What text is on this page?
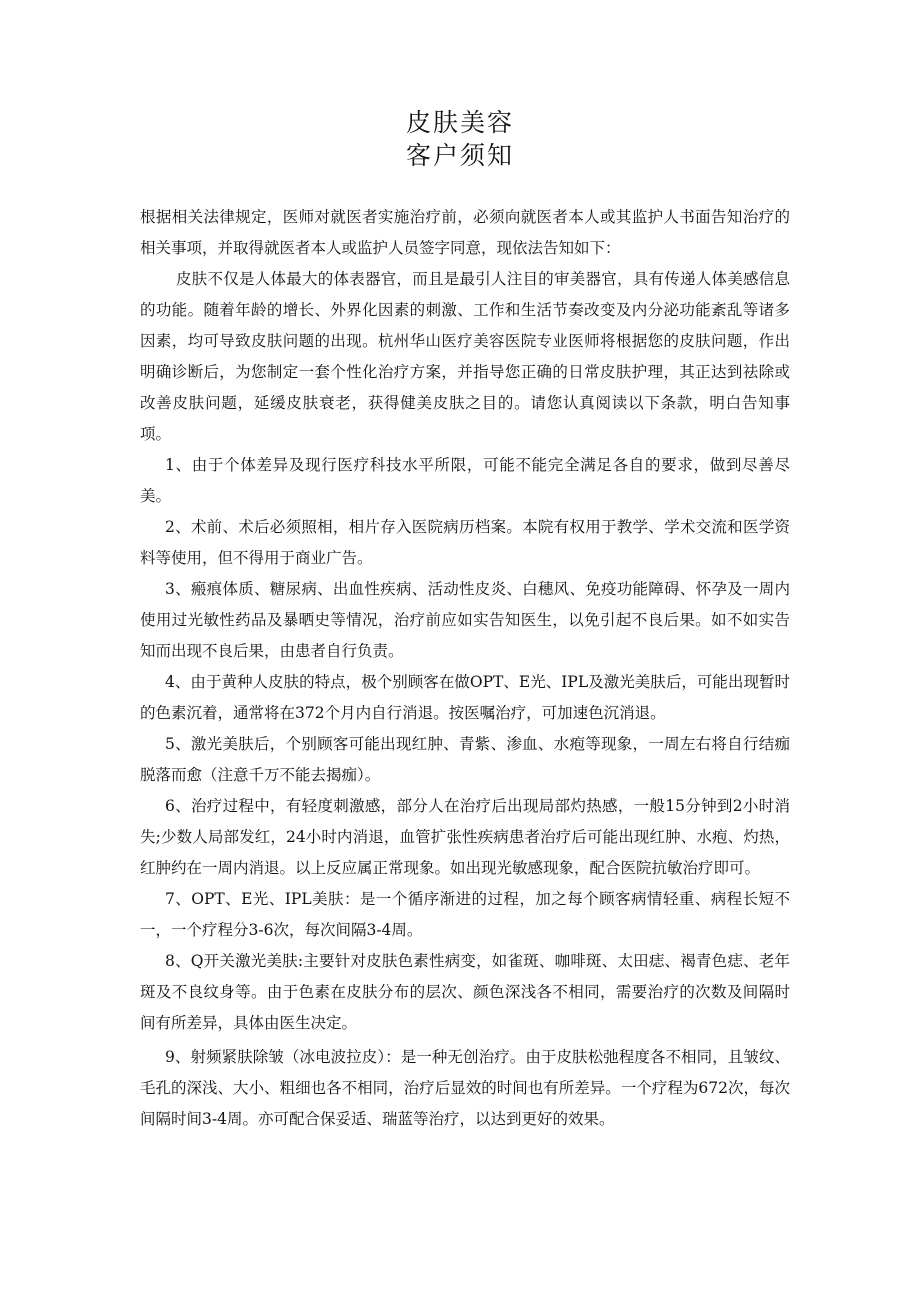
皮肤美容
客户须知

根据相关法律规定，医师对就医者实施治疗前，必须向就医者本人或其监护人书面告知治疗的相关事项，并取得就医者本人或监护人员签字同意，现依法告知如下：

皮肤不仅是人体最大的体表器官，而且是最引人注目的审美器官，具有传递人体美感信息的功能。随着年龄的增长、外界化因素的刺激、工作和生活节奏改变及内分泌功能紊乱等诸多因素，均可导致皮肤问题的出现。杭州华山医疗美容医院专业医师将根据您的皮肤问题，作出明确诊断后，为您制定一套个性化治疗方案，并指导您正确的日常皮肤护理，其正达到祛除或改善皮肤问题，延缓皮肤衰老，获得健美皮肤之目的。请您认真阅读以下条款，明白告知事项。

1、由于个体差异及现行医疗科技水平所限，可能不能完全满足各自的要求，做到尽善尽美。

2、术前、术后必须照相，相片存入医院病历档案。本院有权用于教学、学术交流和医学资料等使用，但不得用于商业广告。

3、瘢痕体质、糖尿病、出血性疾病、活动性皮炎、白穗风、免疫功能障碍、怀孕及一周内使用过光敏性药品及暴晒史等情况，治疗前应如实告知医生，以免引起不良后果。如不如实告知而出现不良后果，由患者自行负责。

4、由于黄种人皮肤的特点，极个别顾客在做OPT、E光、IPL及激光美肤后，可能出现暂时的色素沉着，通常将在372个月内自行消退。按医嘱治疗，可加速色沉消退。

5、激光美肤后，个别顾客可能出现红肿、青紫、渗血、水疱等现象，一周左右将自行结痂脱落而愈（注意千万不能去揭痂）。

6、治疗过程中，有轻度刺激感，部分人在治疗后出现局部灼热感，一般15分钟到2小时消失;少数人局部发红，24小时内消退，血管扩张性疾病患者治疗后可能出现红肿、水疱、灼热，红肿约在一周内消退。以上反应属正常现象。如出现光敏感现象，配合医院抗敏治疗即可。

7、OPT、E光、IPL美肤：是一个循序渐进的过程，加之每个顾客病情轻重、病程长短不一，一个疗程分3-6次，每次间隔3-4周。

8、Q开关激光美肤:主要针对皮肤色素性病变，如雀斑、咖啡斑、太田痣、褐青色痣、老年斑及不良纹身等。由于色素在皮肤分布的层次、颜色深浅各不相同，需要治疗的次数及间隔时间有所差异，具体由医生决定。

9、射频紧肤除皱（冰电波拉皮）：是一种无创治疗。由于皮肤松弛程度各不相同，且皱纹、毛孔的深浅、大小、粗细也各不相同，治疗后显效的时间也有所差异。一个疗程为672次，每次间隔时间3-4周。亦可配合保妥适、瑞蓝等治疗，以达到更好的效果。
